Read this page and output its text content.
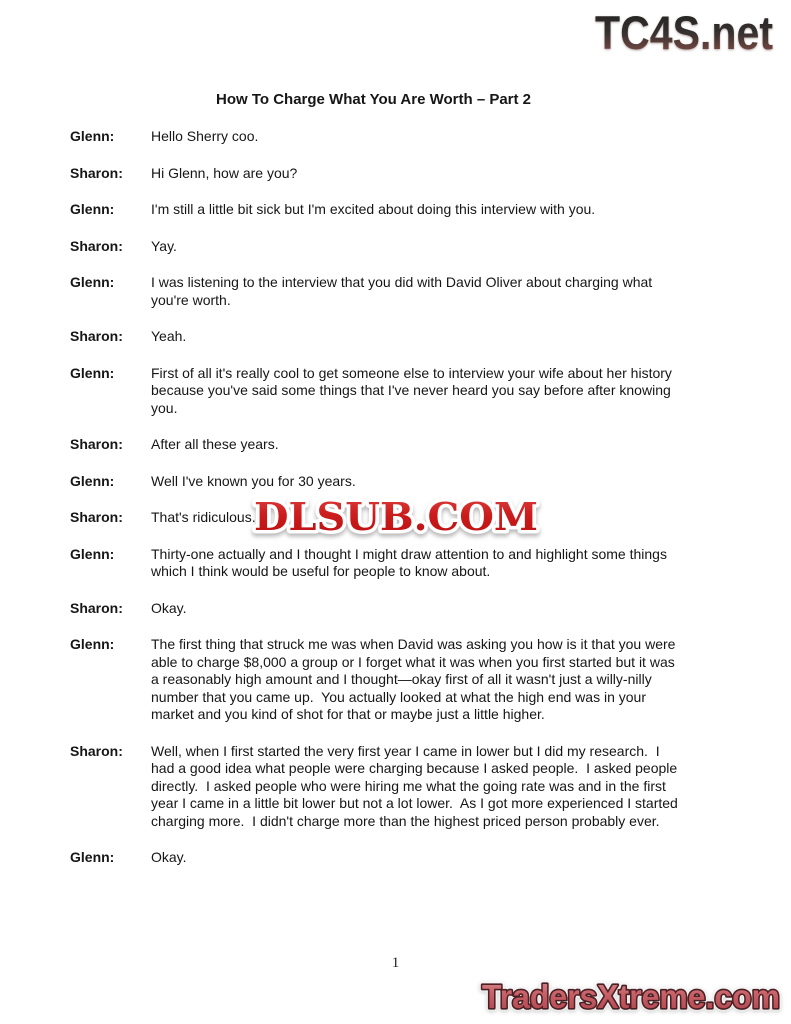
TC4S.net
How To Charge What You Are Worth – Part 2
Glenn:	Hello Sherry coo.
Sharon:	Hi Glenn, how are you?
Glenn:	I'm still a little bit sick but I'm excited about doing this interview with you.
Sharon:	Yay.
Glenn:	I was listening to the interview that you did with David Oliver about charging what you're worth.
Sharon:	Yeah.
Glenn:	First of all it's really cool to get someone else to interview your wife about her history because you've said some things that I've never heard you say before after knowing you.
Sharon:	After all these years.
Glenn:	Well I've known you for 30 years.
Sharon:	That's ridiculous.
Glenn:	Thirty-one actually and I thought I might draw attention to and highlight some things which I think would be useful for people to know about.
Sharon:	Okay.
Glenn:	The first thing that struck me was when David was asking you how is it that you were able to charge $8,000 a group or I forget what it was when you first started but it was a reasonably high amount and I thought—okay first of all it wasn't just a willy-nilly number that you came up.  You actually looked at what the high end was in your market and you kind of shot for that or maybe just a little higher.
Sharon:	Well, when I first started the very first year I came in lower but I did my research.  I had a good idea what people were charging because I asked people.  I asked people directly.  I asked people who were hiring me what the going rate was and in the first year I came in a little bit lower but not a lot lower.  As I got more experienced I started charging more.  I didn't charge more than the highest priced person probably ever.
Glenn:	Okay.
DLSUB.COM
1
TradersXtreme.com
